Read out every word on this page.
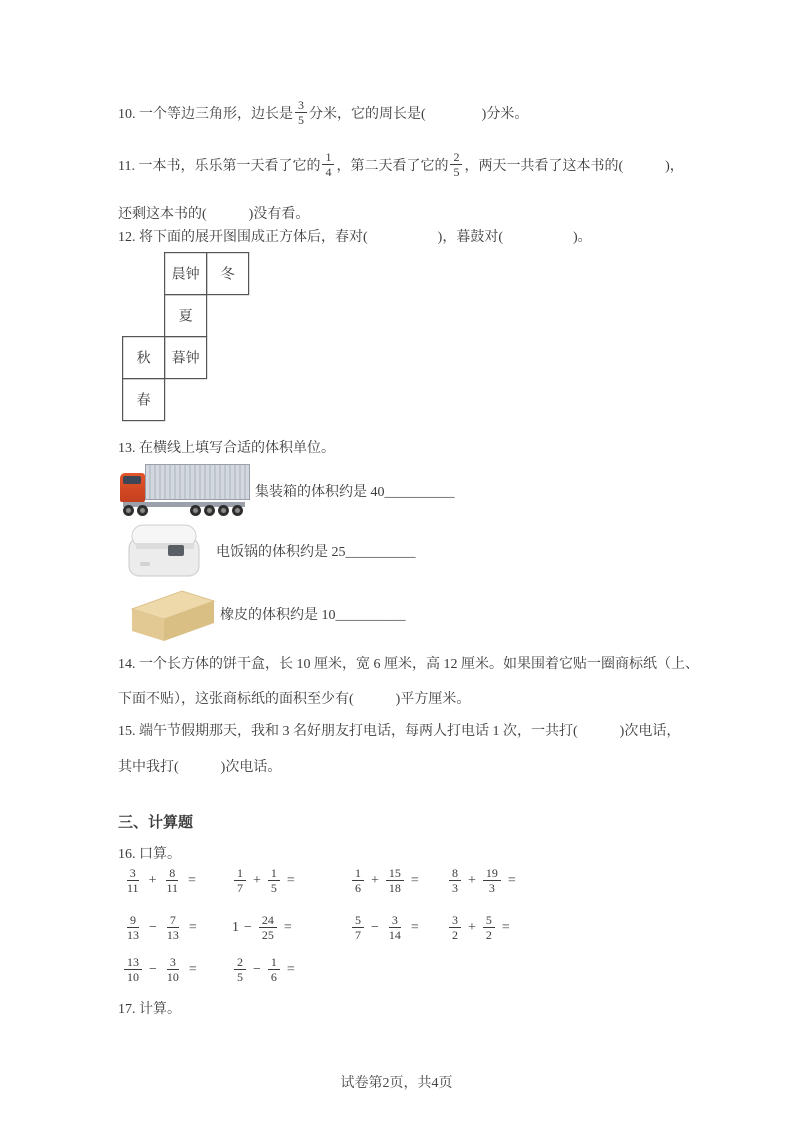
10. 一个等边三角形，边长是 $\frac{3}{5}$ 分米，它的周长是(　　　　)分米。
11. 一本书，乐乐第一天看了它的 $\frac{1}{4}$ ，第二天看了它的 $\frac{2}{5}$ ，两天一共看了这本书的(　　　)，
还剩这本书的(　　　)没有看。
12. 将下面的展开图围成正方体后，春对(　　　　　)，暮鼓对(　　　　　)。
晨钟 冬
夏
秋 暮钟
春
13. 在横线上填写合适的体积单位。
集装箱的体积约是 40__________
电饭锅的体积约是 25__________
橡皮的体积约是 10__________
14. 一个长方体的饼干盒，长 10 厘米，宽 6 厘米，高 12 厘米。如果围着它贴一圈商标纸（上、
下面不贴），这张商标纸的面积至少有(　　　)平方厘米。
15. 端午节假期那天，我和 3 名好朋友打电话，每两人打电话 1 次，一共打(　　　)次电话，
其中我打(　　　)次电话。
三、计算题
16. 口算。
$\frac{3}{11} + \frac{8}{11}$ =	$\frac{1}{7} + \frac{1}{5}$ =	$\frac{1}{6} + \frac{15}{18}$ =	$\frac{8}{3} + \frac{19}{3}$ =
$\frac{9}{13} - \frac{7}{13}$ =	$1 - \frac{24}{25}$ =	$\frac{5}{7} - \frac{3}{14}$ =	$\frac{3}{2} + \frac{5}{2}$ =
$\frac{13}{10} - \frac{3}{10}$ =	$\frac{2}{5} - \frac{1}{6}$ =
17. 计算。
试卷第2页，共4页
